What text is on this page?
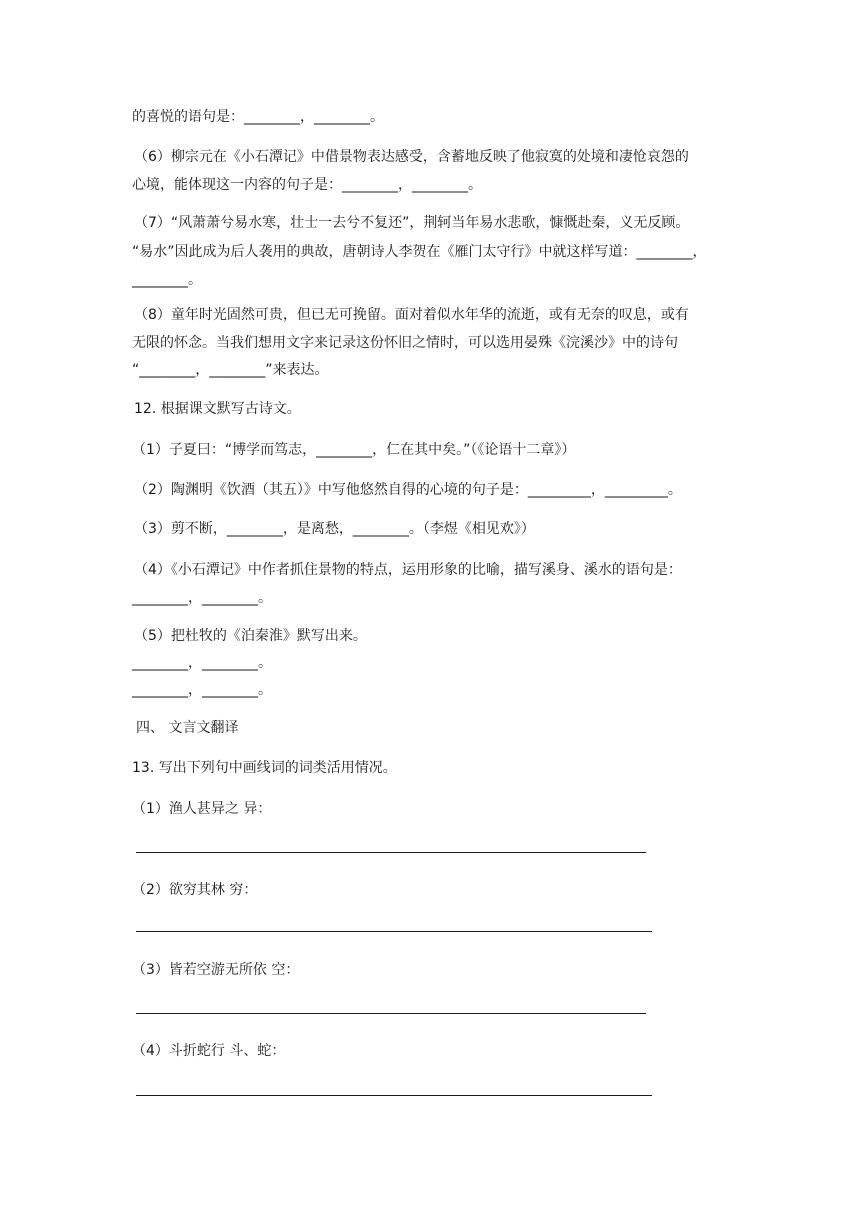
的喜悦的语句是：________，________。
（6）柳宗元在《小石潭记》中借景物表达感受，含蓄地反映了他寂寞的处境和凄怆哀怨的
心境，能体现这一内容的句子是：________，________。
（7）“风萧萧兮易水寒，壮士一去兮不复还”，荆轲当年易水悲歌，慷慨赴秦，义无反顾。
“易水”因此成为后人袭用的典故，唐朝诗人李贺在《雁门太守行》中就这样写道：________，
________。
（8）童年时光固然可贵，但已无可挽留。面对着似水年华的流逝，或有无奈的叹息，或有
无限的怀念。当我们想用文字来记录这份怀旧之情时，可以选用晏殊《浣溪沙》中的诗句
“________，________”来表达。
12. 根据课文默写古诗文。
（1）子夏曰：“博学而笃志，________，仁在其中矣。”（《论语十二章》）
（2）陶渊明《饮酒（其五）》中写他悠然自得的心境的句子是：_________，_________。
（3）剪不断，________，是离愁，________。（李煜《相见欢》）
（4）《小石潭记》中作者抓住景物的特点，运用形象的比喻，描写溪身、溪水的语句是：
________，________。
（5）把杜牧的《泊秦淮》默写出来。
________，________。
________，________。
四、 文言文翻译
13. 写出下列句中画线词的词类活用情况。
（1）渔人甚异之 异：
（2）欲穷其林 穷：
（3）皆若空游无所依 空：
（4）斗折蛇行 斗、蛇：
